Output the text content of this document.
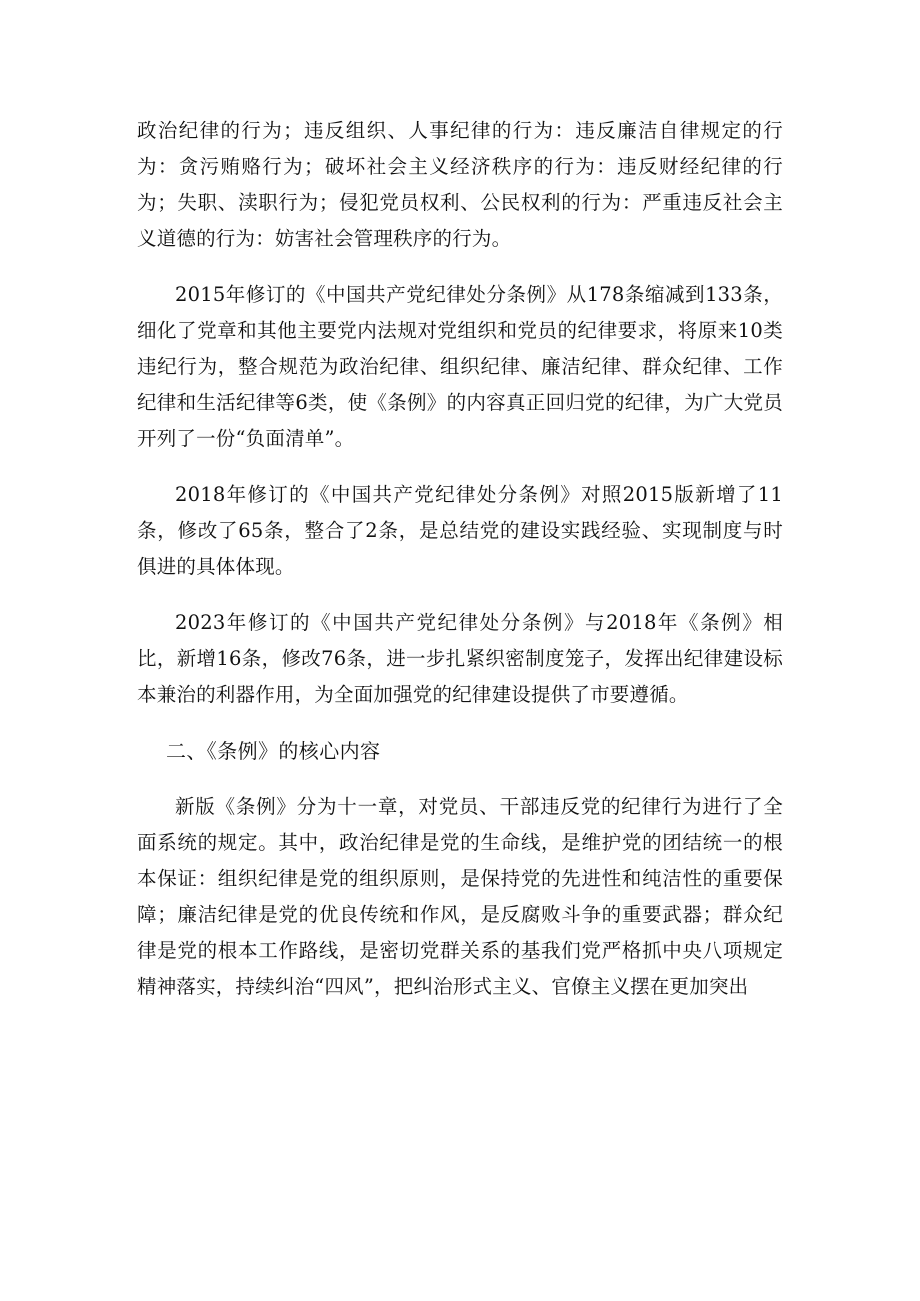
政治纪律的行为；违反组织、人事纪律的行为：违反廉洁自律规定的行为：贪污贿赂行为；破坏社会主义经济秩序的行为：违反财经纪律的行为；失职、渎职行为；侵犯党员权利、公民权利的行为：严重违反社会主义道德的行为：妨害社会管理秩序的行为。

2015年修订的《中国共产党纪律处分条例》从178条缩减到133条，细化了党章和其他主要党内法规对党组织和党员的纪律要求，将原来10类违纪行为，整合规范为政治纪律、组织纪律、廉洁纪律、群众纪律、工作纪律和生活纪律等6类，使《条例》的内容真正回归党的纪律，为广大党员开列了一份“负面清单”。

2018年修订的《中国共产党纪律处分条例》对照2015版新增了11条，修改了65条，整合了2条，是总结党的建设实践经验、实现制度与时俱进的具体体现。

2023年修订的《中国共产党纪律处分条例》与2018年《条例》相比，新增16条，修改76条，进一步扎紧织密制度笼子，发挥出纪律建设标本兼治的利器作用，为全面加强党的纪律建设提供了市要遵循。

二、《条例》的核心内容

新版《条例》分为十一章，对党员、干部违反党的纪律行为进行了全面系统的规定。其中，政治纪律是党的生命线，是维护党的团结统一的根本保证：组织纪律是党的组织原则，是保持党的先进性和纯洁性的重要保障；廉洁纪律是党的优良传统和作风，是反腐败斗争的重要武器；群众纪律是党的根本工作路线，是密切党群关系的基我们党严格抓中央八项规定精神落实，持续纠治“四风”，把纠治形式主义、官僚主义摆在更加突出
